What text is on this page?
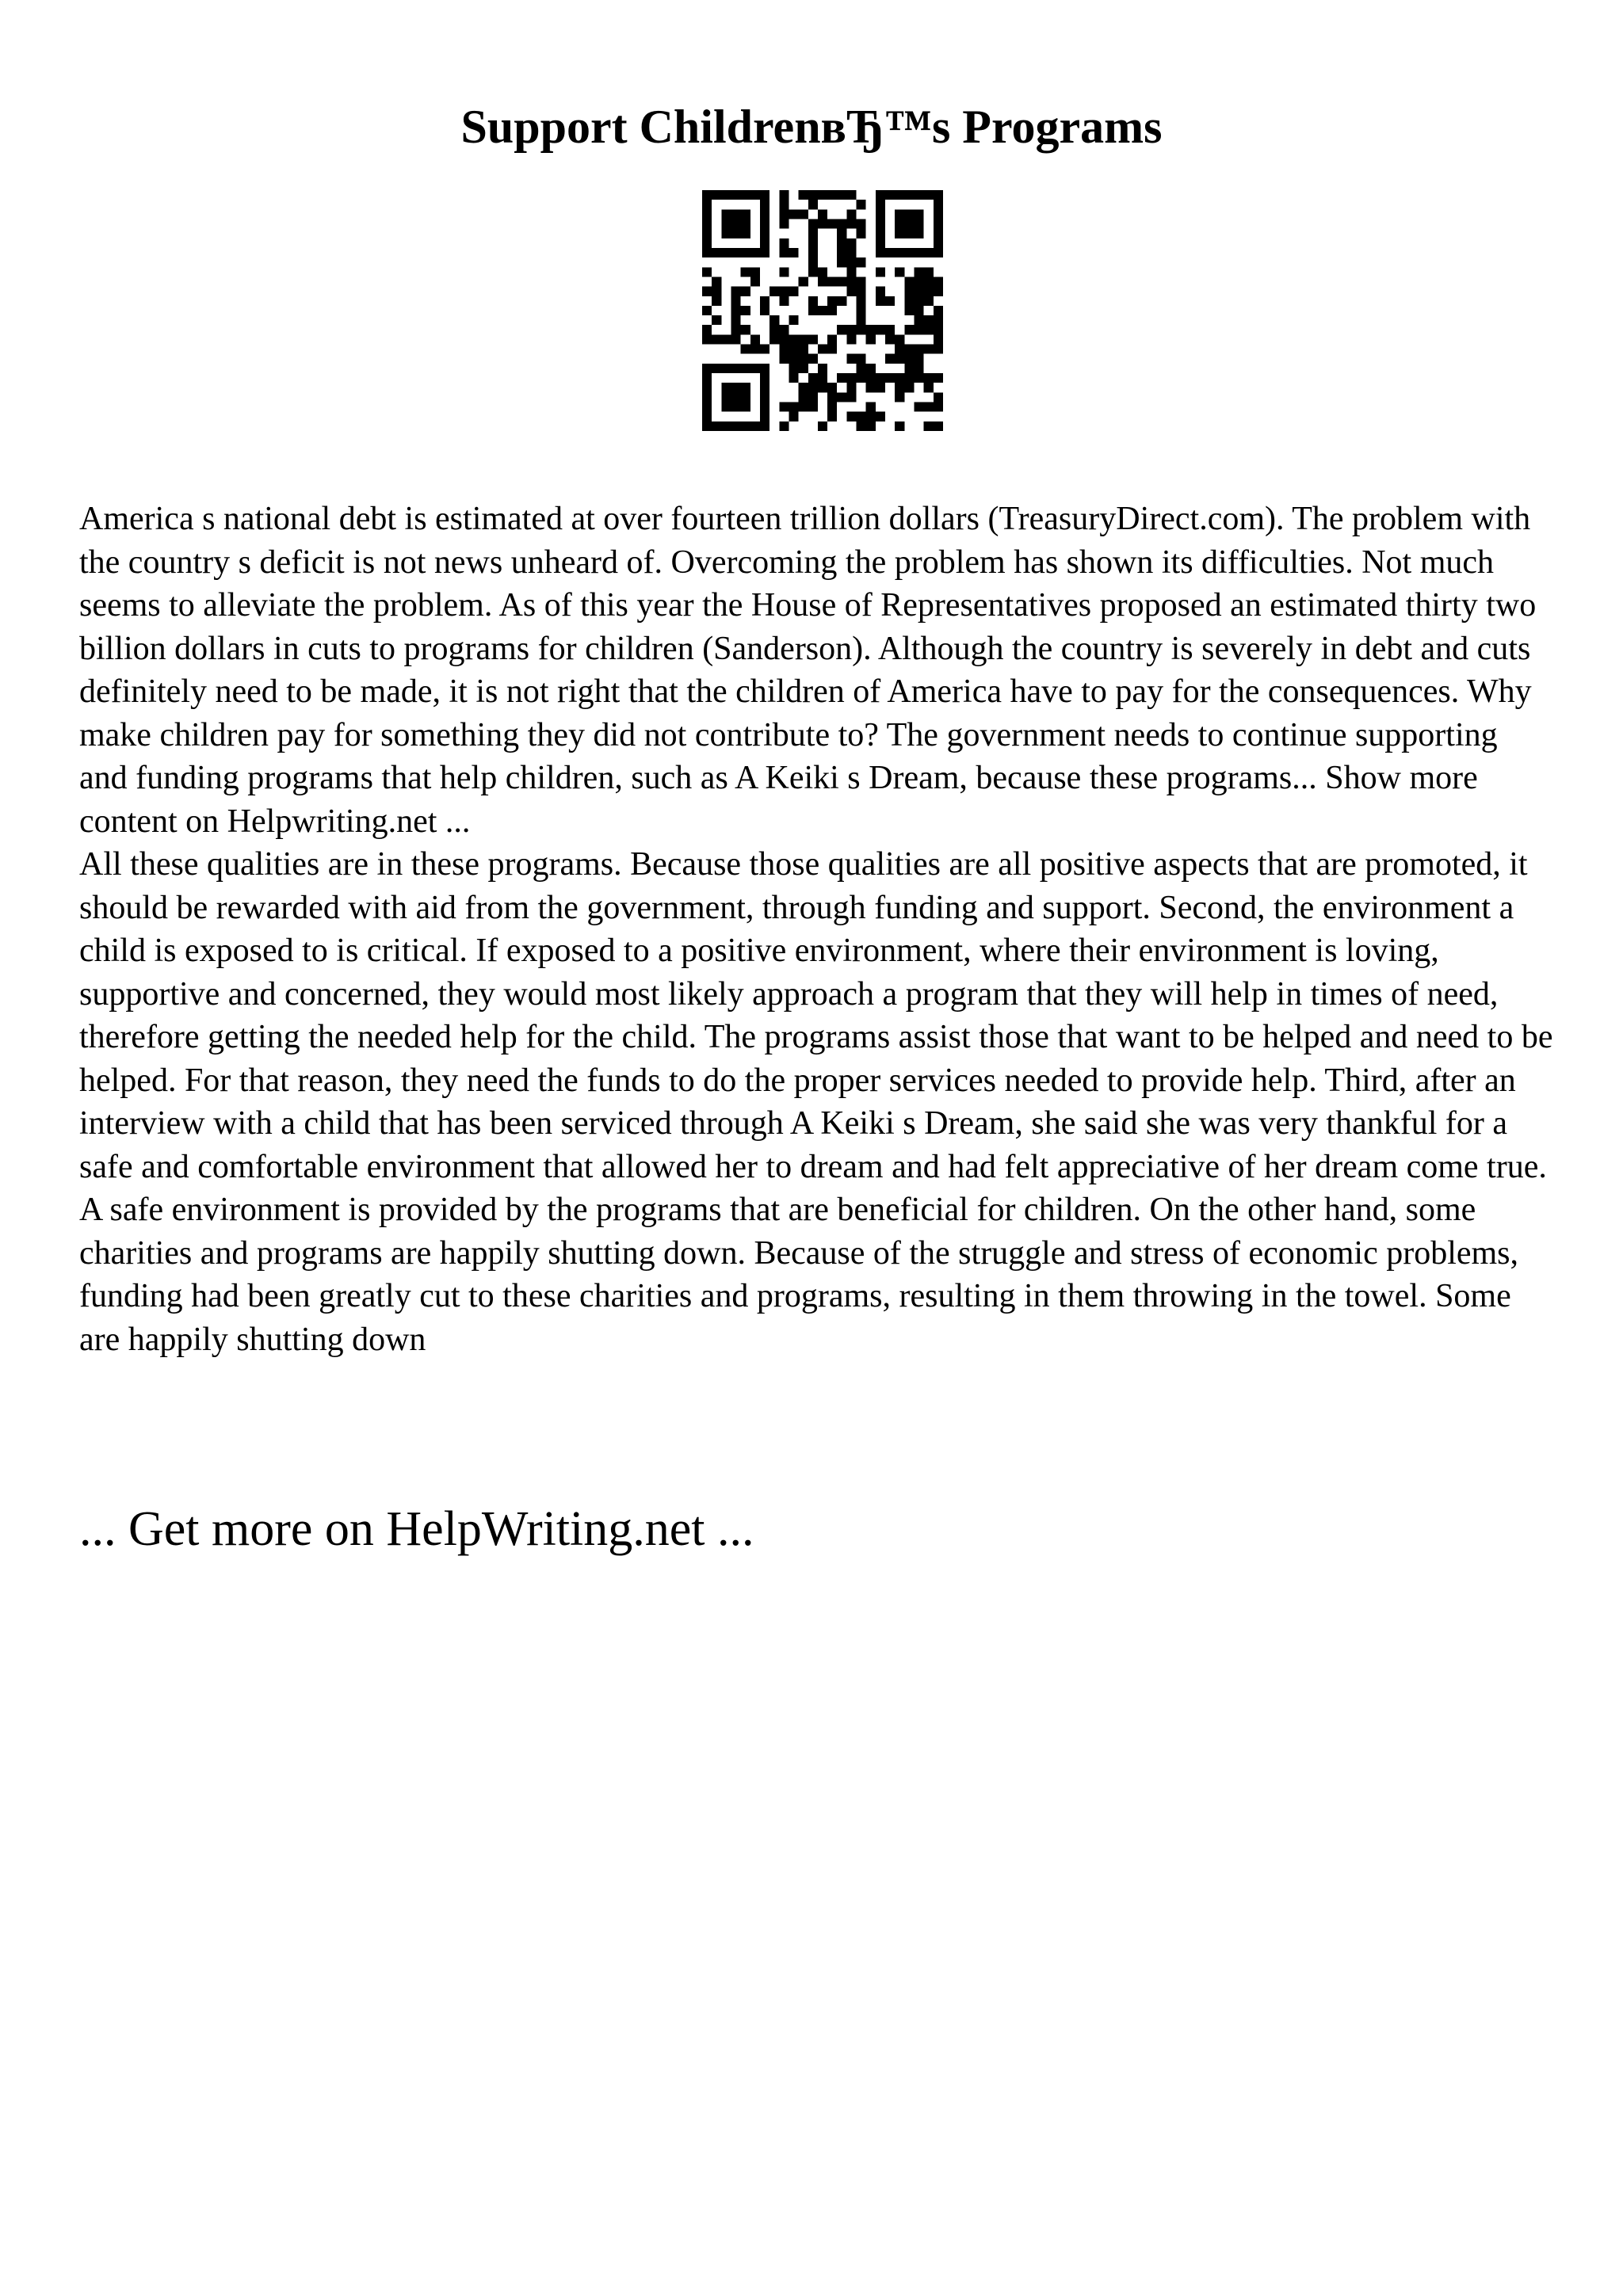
Support ChildrenвЂ™s Programs

America s national debt is estimated at over fourteen trillion dollars (TreasuryDirect.com). The problem with the country s deficit is not news unheard of. Overcoming the problem has shown its difficulties. Not much seems to alleviate the problem. As of this year the House of Representatives proposed an estimated thirty two billion dollars in cuts to programs for children (Sanderson). Although the country is severely in debt and cuts definitely need to be made, it is not right that the children of America have to pay for the consequences. Why make children pay for something they did not contribute to? The government needs to continue supporting and funding programs that help children, such as A Keiki s Dream, because these programs... Show more content on Helpwriting.net ...

All these qualities are in these programs. Because those qualities are all positive aspects that are promoted, it should be rewarded with aid from the government, through funding and support. Second, the environment a child is exposed to is critical. If exposed to a positive environment, where their environment is loving, supportive and concerned, they would most likely approach a program that they will help in times of need, therefore getting the needed help for the child. The programs assist those that want to be helped and need to be helped. For that reason, they need the funds to do the proper services needed to provide help. Third, after an interview with a child that has been serviced through A Keiki s Dream, she said she was very thankful for a safe and comfortable environment that allowed her to dream and had felt appreciative of her dream come true. A safe environment is provided by the programs that are beneficial for children. On the other hand, some charities and programs are happily shutting down. Because of the struggle and stress of economic problems, funding had been greatly cut to these charities and programs, resulting in them throwing in the towel. Some are happily shutting down

... Get more on HelpWriting.net ...
